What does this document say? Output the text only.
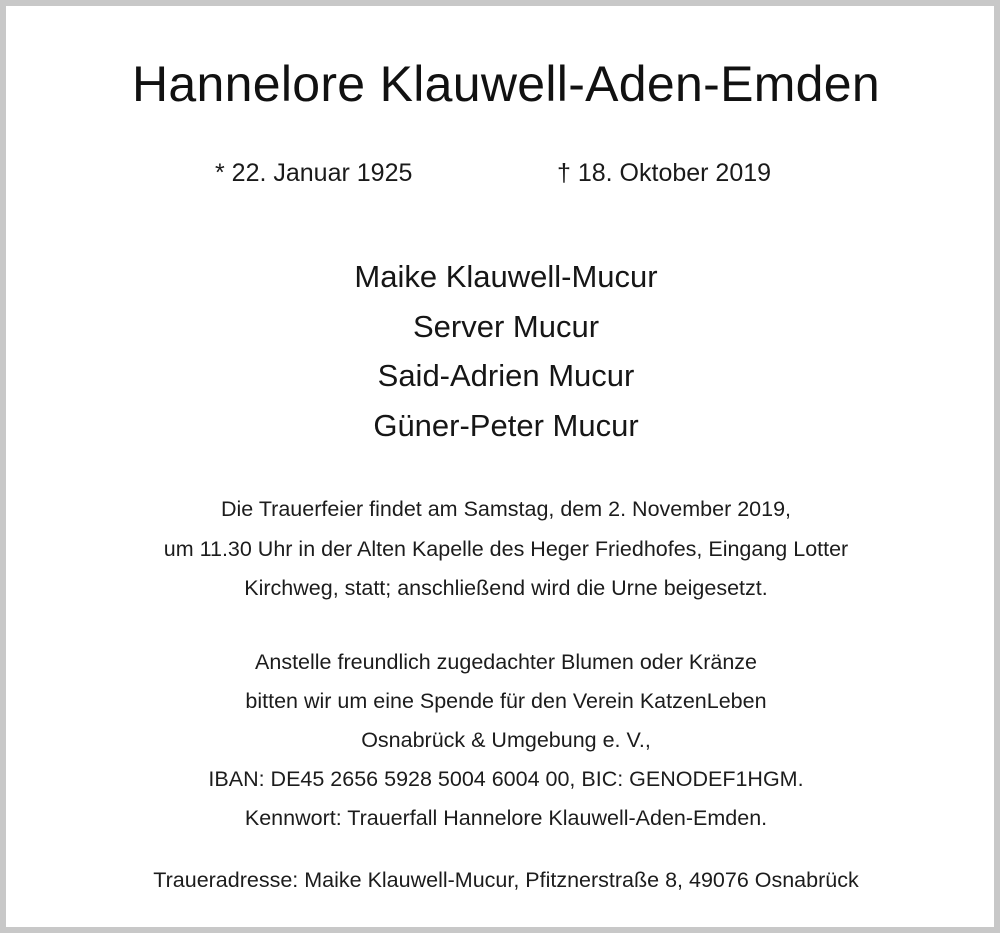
Hannelore Klauwell-Aden-Emden
* 22. Januar 1925	† 18. Oktober 2019
Maike Klauwell-Mucur
Server Mucur
Said-Adrien Mucur
Güner-Peter Mucur
Die Trauerfeier findet am Samstag, dem 2. November 2019,
um 11.30 Uhr in der Alten Kapelle des Heger Friedhofes, Eingang Lotter
Kirchweg, statt; anschließend wird die Urne beigesetzt.
Anstelle freundlich zugedachter Blumen oder Kränze
bitten wir um eine Spende für den Verein KatzenLeben
Osnabrück & Umgebung e. V.,
IBAN: DE45 2656 5928 5004 6004 00, BIC: GENODEF1HGM.
Kennwort: Trauerfall Hannelore Klauwell-Aden-Emden.
Traueradresse: Maike Klauwell-Mucur, Pfitznerstraße 8, 49076 Osnabrück
